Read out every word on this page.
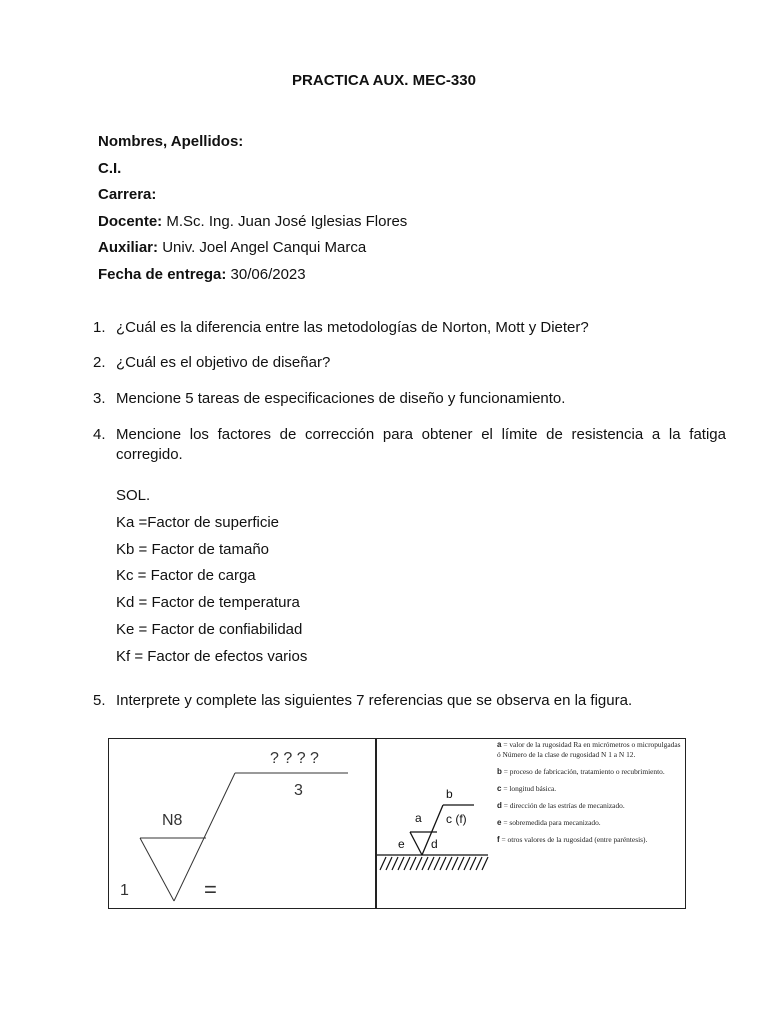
PRACTICA AUX. MEC-330
Nombres, Apellidos:
C.I.
Carrera:
Docente: M.Sc. Ing. Juan José Iglesias Flores
Auxiliar: Univ. Joel Angel Canqui Marca
Fecha de entrega: 30/06/2023
1. ¿Cuál es la diferencia entre las metodologías de Norton, Mott y Dieter?
2. ¿Cuál es el objetivo de diseñar?
3. Mencione 5 tareas de especificaciones de diseño y funcionamiento.
4. Mencione los factores de corrección para obtener el límite de resistencia a la fatiga corregido.
SOL.
Ka =Factor de superficie
Kb = Factor de tamaño
Kc = Factor de carga
Kd = Factor de temperatura
Ke = Factor de confiabilidad
Kf = Factor de efectos varios
5. Interprete y complete las siguientes 7 referencias que se observa en la figura.
? ? ? ?
3
N8
1	=
a
b
c (f)
e d
a = valor de la rugosidad Ra en micrómetros o micropulgadas ó Número de la clase de rugosidad N 1 a N 12.
b = proceso de fabricación, tratamiento o recubrimiento.
c = longitud básica.
d = dirección de las estrías de mecanizado.
e = sobremedida para mecanizado.
f = otros valores de la rugosidad (entre paréntesis).
